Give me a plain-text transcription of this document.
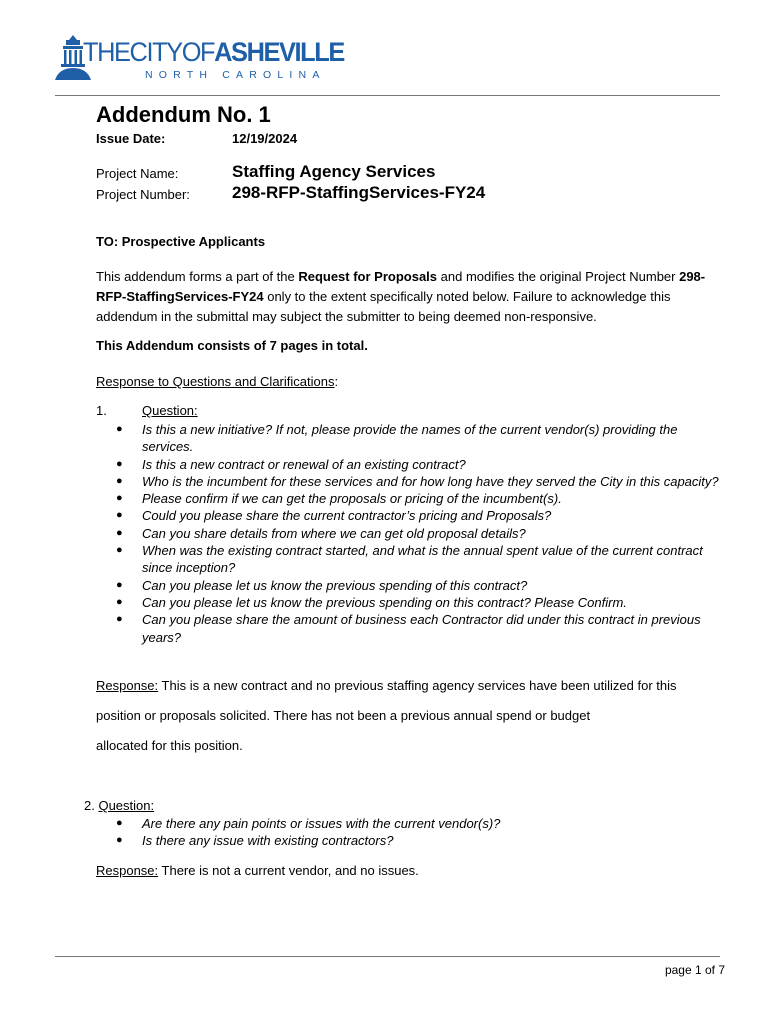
THECITYOFASHEVILLE
NORTH CAROLINA
Addendum No. 1
Issue Date:	12/19/2024
Project Name:	Staffing Agency Services
Project Number: 298-RFP-StaffingServices-FY24
TO: Prospective Applicants
This addendum forms a part of the Request for Proposals and modifies the original Project Number 298-RFP-StaffingServices-FY24 only to the extent specifically noted below. Failure to acknowledge this addendum in the submittal may subject the submitter to being deemed non-responsive.
This Addendum consists of 7 pages in total.
Response to Questions and Clarifications:
1.	Question:
● Is this a new initiative? If not, please provide the names of the current vendor(s) providing the services.
● Is this a new contract or renewal of an existing contract?
● Who is the incumbent for these services and for how long have they served the City in this capacity?
● Please confirm if we can get the proposals or pricing of the incumbent(s).
● Could you please share the current contractor’s pricing and Proposals?
● Can you share details from where we can get old proposal details?
● When was the existing contract started, and what is the annual spent value of the current contract since inception?
● Can you please let us know the previous spending of this contract?
● Can you please let us know the previous spending on this contract? Please Confirm.
● Can you please share the amount of business each Contractor did under this contract in previous years?
Response: This is a new contract and no previous staffing agency services have been utilized for this
position or proposals solicited. There has not been a previous annual spend or budget
allocated for this position.
2. Question:
● Are there any pain points or issues with the current vendor(s)?
● Is there any issue with existing contractors?
Response: There is not a current vendor, and no issues.
page 1 of 7
